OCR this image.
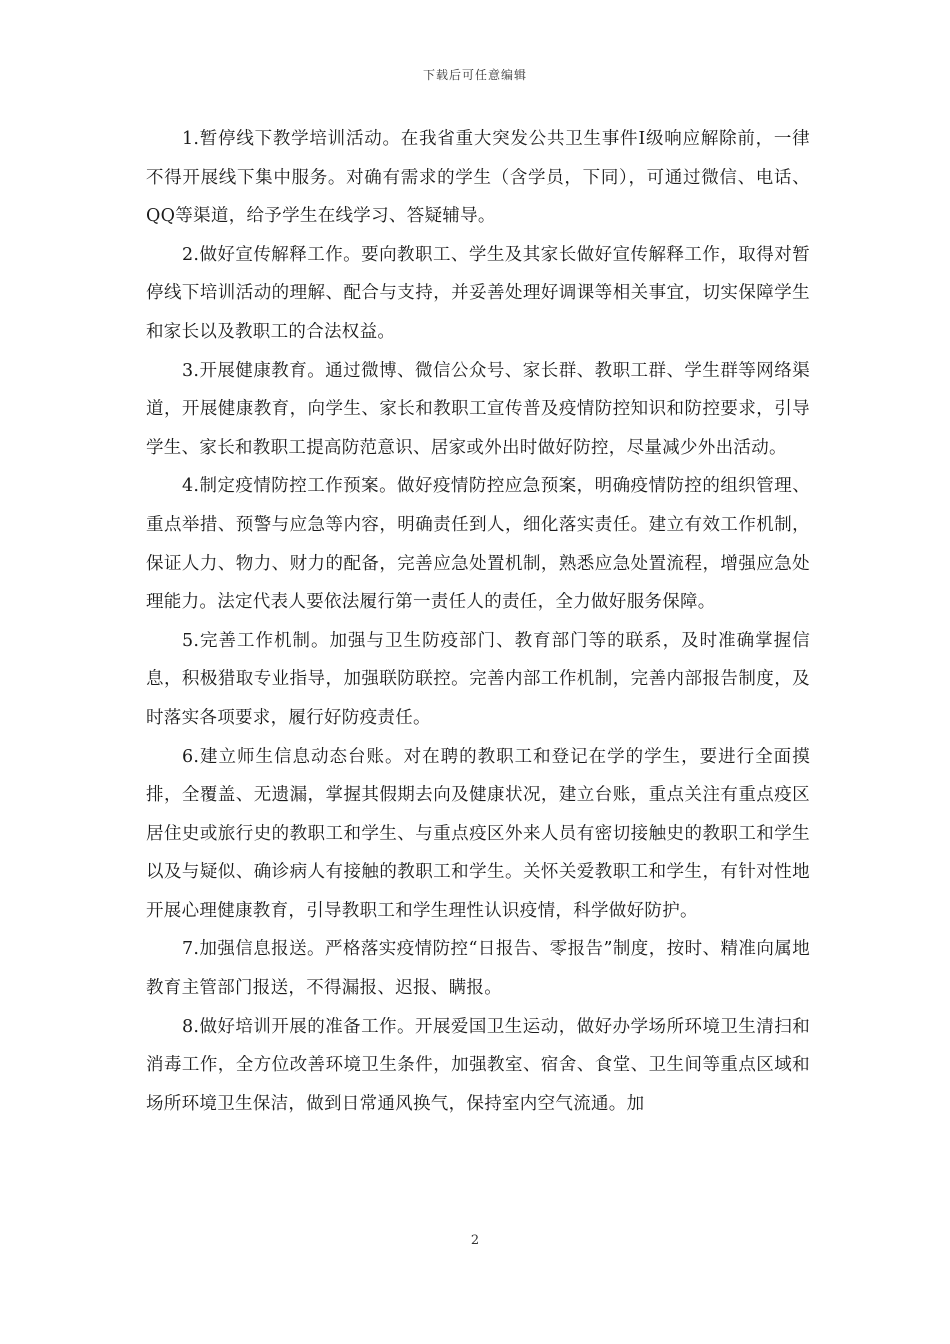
下载后可任意编辑

1.暂停线下教学培训活动。在我省重大突发公共卫生事件Ⅰ级响应解除前，一律不得开展线下集中服务。对确有需求的学生（含学员，下同），可通过微信、电话、QQ等渠道，给予学生在线学习、答疑辅导。

2.做好宣传解释工作。要向教职工、学生及其家长做好宣传解释工作，取得对暂停线下培训活动的理解、配合与支持，并妥善处理好调课等相关事宜，切实保障学生和家长以及教职工的合法权益。

3.开展健康教育。通过微博、微信公众号、家长群、教职工群、学生群等网络渠道，开展健康教育，向学生、家长和教职工宣传普及疫情防控知识和防控要求，引导学生、家长和教职工提高防范意识、居家或外出时做好防控，尽量减少外出活动。

4.制定疫情防控工作预案。做好疫情防控应急预案，明确疫情防控的组织管理、重点举措、预警与应急等内容，明确责任到人，细化落实责任。建立有效工作机制，保证人力、物力、财力的配备，完善应急处置机制，熟悉应急处置流程，增强应急处理能力。法定代表人要依法履行第一责任人的责任，全力做好服务保障。

5.完善工作机制。加强与卫生防疫部门、教育部门等的联系，及时准确掌握信息，积极猎取专业指导，加强联防联控。完善内部工作机制，完善内部报告制度，及时落实各项要求，履行好防疫责任。

6.建立师生信息动态台账。对在聘的教职工和登记在学的学生，要进行全面摸排，全覆盖、无遗漏，掌握其假期去向及健康状况，建立台账，重点关注有重点疫区居住史或旅行史的教职工和学生、与重点疫区外来人员有密切接触史的教职工和学生以及与疑似、确诊病人有接触的教职工和学生。关怀关爱教职工和学生，有针对性地开展心理健康教育，引导教职工和学生理性认识疫情，科学做好防护。

7.加强信息报送。严格落实疫情防控“日报告、零报告”制度，按时、精准向属地教育主管部门报送，不得漏报、迟报、瞒报。

8.做好培训开展的准备工作。开展爱国卫生运动，做好办学场所环境卫生清扫和消毒工作，全方位改善环境卫生条件，加强教室、宿舍、食堂、卫生间等重点区域和场所环境卫生保洁，做到日常通风换气，保持室内空气流通。加

2
